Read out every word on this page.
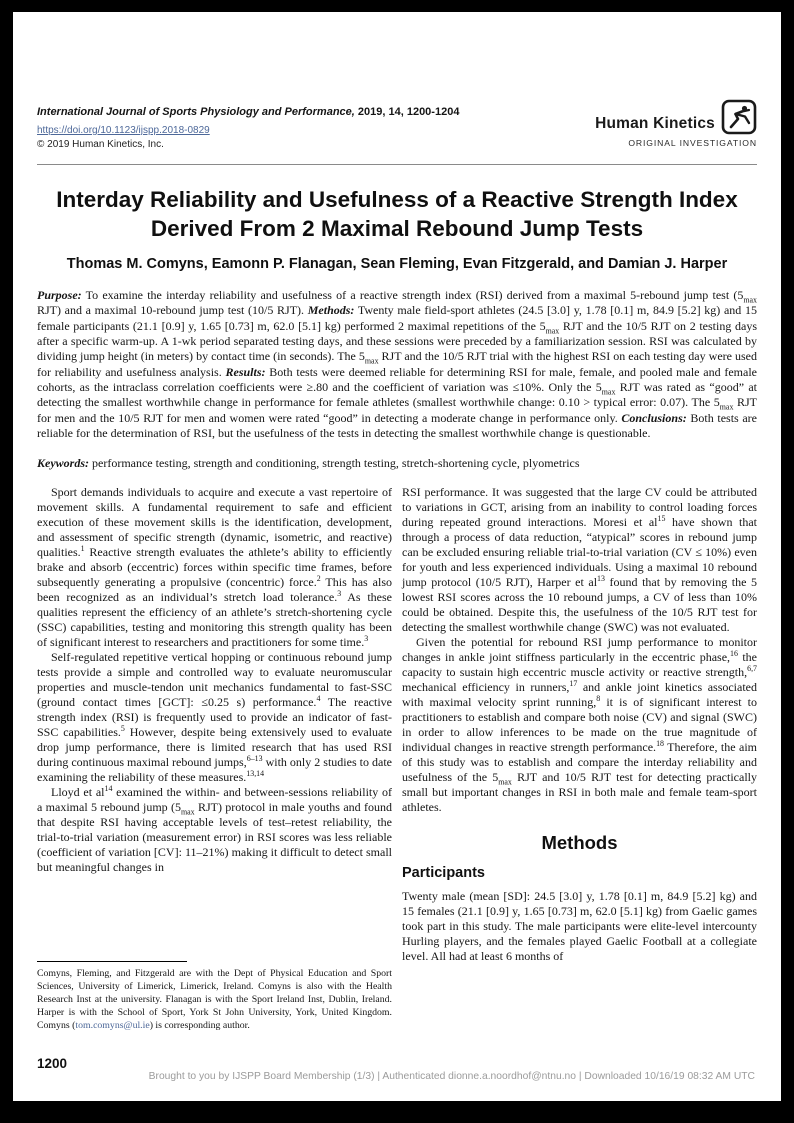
International Journal of Sports Physiology and Performance, 2019, 14, 1200-1204
https://doi.org/10.1123/ijspp.2018-0829
© 2019 Human Kinetics, Inc.
Human Kinetics
ORIGINAL INVESTIGATION
Interday Reliability and Usefulness of a Reactive Strength Index
Derived From 2 Maximal Rebound Jump Tests
Thomas M. Comyns, Eamonn P. Flanagan, Sean Fleming, Evan Fitzgerald, and Damian J. Harper

Purpose: To examine the interday reliability and usefulness of a reactive strength index (RSI) derived from a maximal 5-rebound jump test ($5_{max}$ RJT) and a maximal 10-rebound jump test (10/5 RJT). Methods: Twenty male field-sport athletes (24.5 [3.0] y, 1.78 [0.1] m, 84.9 [5.2] kg) and 15 female participants (21.1 [0.9] y, 1.65 [0.73] m, 62.0 [5.1] kg) performed 2 maximal repetitions of the $5_{max}$ RJT and the 10/5 RJT on 2 testing days after a specific warm-up. A 1-wk period separated testing days, and these sessions were preceded by a familiarization session. RSI was calculated by dividing jump height (in meters) by contact time (in seconds). The $5_{max}$ RJT and the 10/5 RJT trial with the highest RSI on each testing day were used for reliability and usefulness analysis. Results: Both tests were deemed reliable for determining RSI for male, female, and pooled male and female cohorts, as the intraclass correlation coefficients were ≥.80 and the coefficient of variation was ≤10%. Only the $5_{max}$ RJT was rated as “good” at detecting the smallest worthwhile change in performance for female athletes (smallest worthwhile change: 0.10 > typical error: 0.07). The $5_{max}$ RJT for men and the 10/5 RJT for men and women were rated “good” in detecting a moderate change in performance only. Conclusions: Both tests are reliable for the determination of RSI, but the usefulness of the tests in detecting the smallest worthwhile change is questionable.

Keywords: performance testing, strength and conditioning, strength testing, stretch-shortening cycle, plyometrics

Sport demands individuals to acquire and execute a vast repertoire of movement skills. A fundamental requirement to safe and efficient execution of these movement skills is the identification, development, and assessment of specific strength (dynamic, isometric, and reactive) qualities.$^1$ Reactive strength evaluates the athlete’s ability to efficiently brake and absorb (eccentric) forces within specific time frames, before subsequently generating a propulsive (concentric) force.$^2$ This has also been recognized as an individual’s stretch load tolerance.$^3$ As these qualities represent the efficiency of an athlete’s stretch-shortening cycle (SSC) capabilities, testing and monitoring this strength quality has been of significant interest to researchers and practitioners for some time.$^3$

Self-regulated repetitive vertical hopping or continuous rebound jump tests provide a simple and controlled way to evaluate neuromuscular properties and muscle-tendon unit mechanics fundamental to fast-SSC (ground contact times [GCT]: ≤0.25 s) performance.$^4$ The reactive strength index (RSI) is frequently used to provide an indicator of fast-SSC capabilities.$^5$ However, despite being extensively used to evaluate drop jump performance, there is limited research that has used RSI during continuous maximal rebound jumps,$^{6-13}$ with only 2 studies to date examining the reliability of these measures.$^{13,14}$

Lloyd et $al^{14}$ examined the within- and between-sessions reliability of a maximal 5 rebound jump ($5_{max}$ RJT) protocol in male youths and found that despite RSI having acceptable levels of test–retest reliability, the trial-to-trial variation (measurement error) in RSI scores was less reliable (coefficient of variation [CV]: 11–21%) making it difficult to detect small but meaningful changes in

Comyns, Fleming, and Fitzgerald are with the Dept of Physical Education and Sport Sciences, University of Limerick, Limerick, Ireland. Comyns is also with the Health Research Inst at the university. Flanagan is with the Sport Ireland Inst, Dublin, Ireland. Harper is with the School of Sport, York St John University, York, United Kingdom. Comyns (tom.comyns@ul.ie) is corresponding author.

RSI performance. It was suggested that the large CV could be attributed to variations in GCT, arising from an inability to control loading forces during repeated ground interactions. Moresi et $al^{15}$ have shown that through a process of data reduction, “atypical” scores in rebound jump can be excluded ensuring reliable trial-to-trial variation (CV ≤ 10%) even for youth and less experienced individuals. Using a maximal 10 rebound jump protocol (10/5 RJT), Harper et $al^{13}$ found that by removing the 5 lowest RSI scores across the 10 rebound jumps, a CV of less than 10% could be obtained. Despite this, the usefulness of the 10/5 RJT test for detecting the smallest worthwhile change (SWC) was not evaluated.

Given the potential for rebound RSI jump performance to monitor changes in ankle joint stiffness particularly in the eccentric phase,$^{16}$ the capacity to sustain high eccentric muscle activity or reactive strength,$^{6,7}$ mechanical efficiency in runners,$^{17}$ and ankle joint kinetics associated with maximal velocity sprint running,$^8$ it is of significant interest to practitioners to establish and compare both noise (CV) and signal (SWC) in order to allow inferences to be made on the true magnitude of individual changes in reactive strength performance.$^{18}$ Therefore, the aim of this study was to establish and compare the interday reliability and usefulness of the $5_{max}$ RJT and 10/5 RJT test for detecting practically small but important changes in RSI in both male and female team-sport athletes.

Methods
Participants

Twenty male (mean [SD]: 24.5 [3.0] y, 1.78 [0.1] m, 84.9 [5.2] kg) and 15 females (21.1 [0.9] y, 1.65 [0.73] m, 62.0 [5.1] kg) from Gaelic games took part in this study. The male participants were elite-level intercounty Hurling players, and the females played Gaelic Football at a collegiate level. All had at least 6 months of

1200
Brought to you by IJSPP Board Membership (1/3) | Authenticated dionne.a.noordhof@ntnu.no | Downloaded 10/16/19 08:32 AM UTC
